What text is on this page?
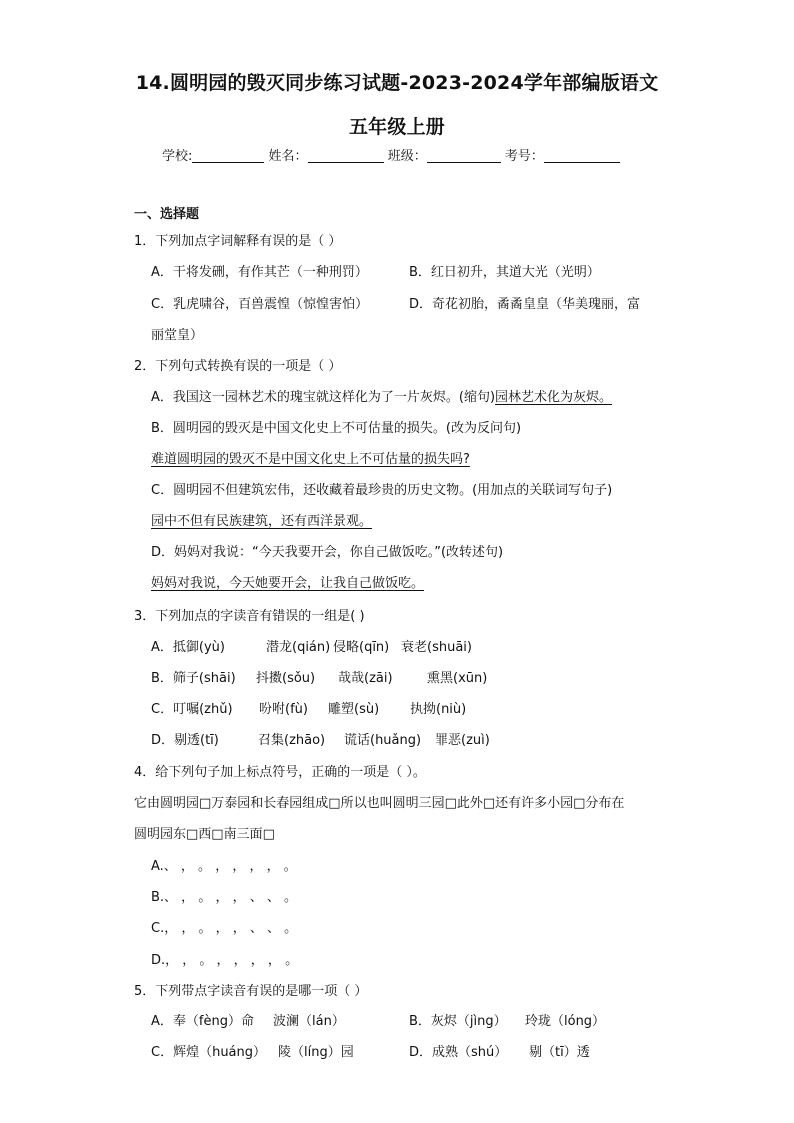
14.圆明园的毁灭同步练习试题-2023-2024学年部编版语文
五年级上册
学校:	姓名：	班级：	考号：
一、选择题
1．下列加点字词解释有误的是（ ）
A．干将发硎，有作其芒（一种刑罚）	B．红日初升，其道大光（光明）
C．乳虎啸谷，百兽震惶（惊惶害怕）	D．奇花初胎，矞矞皇皇（华美瑰丽，富
丽堂皇）
2．下列句式转换有误的一项是（ ）
A．我国这一园林艺术的瑰宝就这样化为了一片灰烬。(缩句)园林艺术化为灰烬。
B．圆明园的毁灭是中国文化史上不可估量的损失。(改为反问句)
难道圆明园的毁灭不是中国文化史上不可估量的损失吗?
C．圆明园不但建筑宏伟，还收藏着最珍贵的历史文物。(用加点的关联词写句子)
园中不但有民族建筑，还有西洋景观。
D．妈妈对我说：“今天我要开会，你自己做饭吃。”(改转述句)
妈妈对我说，今天她要开会，让我自己做饭吃。
3．下列加点的字读音有错误的一组是( )
A．抵御(yù)	潜龙(qián) 侵略(qīn) 衰老(shuāi)
B．筛子(shāi) 抖擞(sǒu) 哉哉(zāi)	熏黑(xūn)
C．叮嘱(zhǔ) 吩咐(fù) 雕塑(sù) 执拗(niù)
D．剔透(tī)	召集(zhāo) 谎话(huǎng) 罪恶(zuì)
4．给下列句子加上标点符号，正确的一项是（ ）。
它由圆明园□万泰园和长春园组成□所以也叫圆明三园□此外□还有许多小园□分布在
圆明园东□西□南三面□
A.、 ， 。 ， ， ， ， 。
B.、 ， 。 ， ， 、 、 。
C.， ， 。 ， ， 、 、 。
D.， ， 。 ， ， ， ， 。
5．下列带点字读音有误的是哪一项（ ）
A．奉（fèng）命 波澜（lán）	B．灰烬（jìng） 玲珑（lóng）
C．辉煌（huáng） 陵（líng）园	D．成熟（shú） 剔（tī）透
